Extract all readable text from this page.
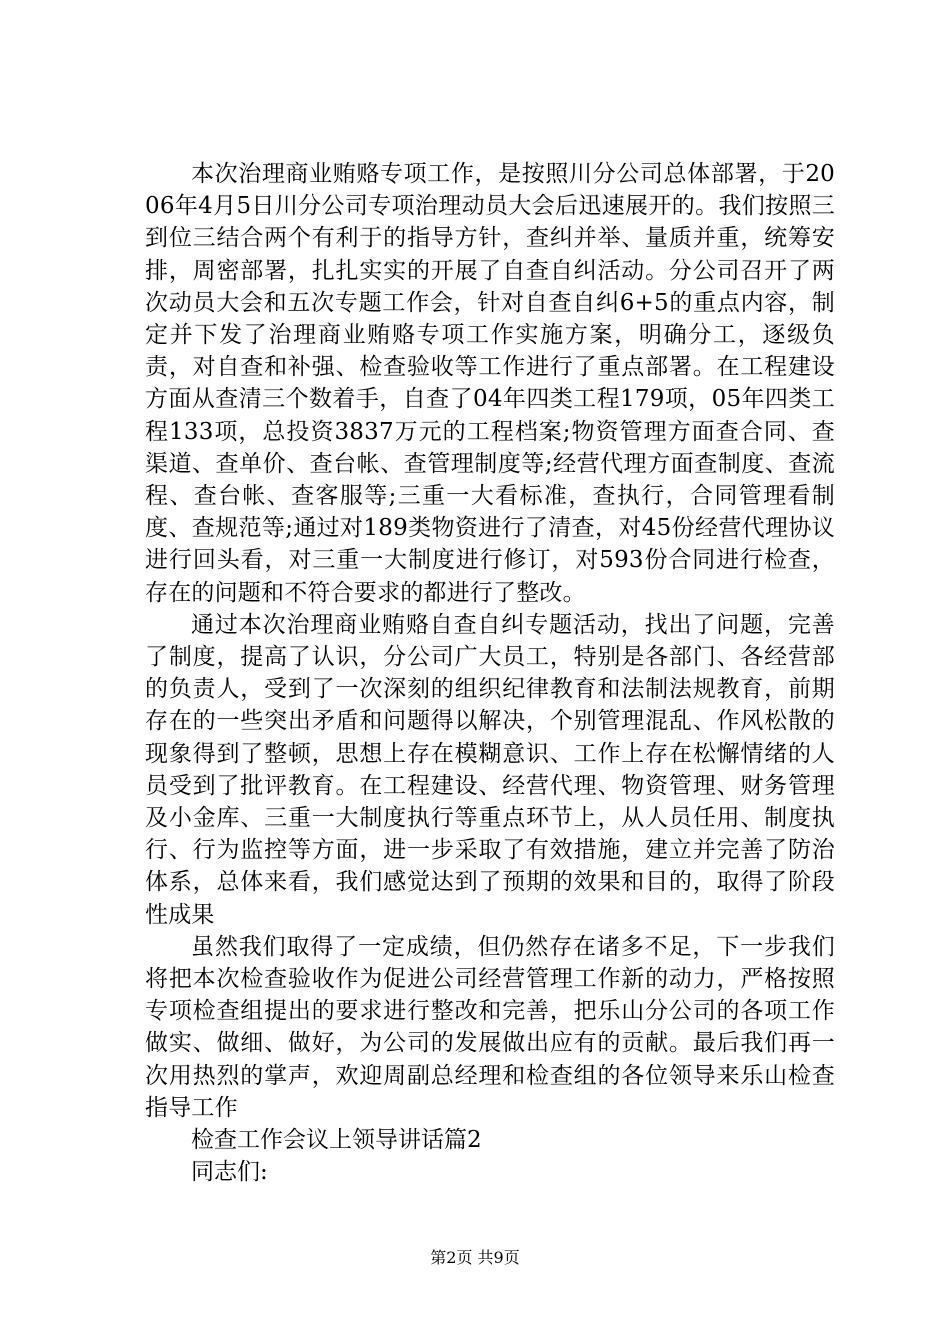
本次治理商业贿赂专项工作，是按照川分公司总体部署，于2006年4月5日川分公司专项治理动员大会后迅速展开的。我们按照三到位三结合两个有利于的指导方针，查纠并举、量质并重，统筹安排，周密部署，扎扎实实的开展了自查自纠活动。分公司召开了两次动员大会和五次专题工作会，针对自查自纠6+5的重点内容，制定并下发了治理商业贿赂专项工作实施方案，明确分工，逐级负责，对自查和补强、检查验收等工作进行了重点部署。在工程建设方面从查清三个数着手，自查了04年四类工程179项，05年四类工程133项，总投资3837万元的工程档案;物资管理方面查合同、查渠道、查单价、查台帐、查管理制度等;经营代理方面查制度、查流程、查台帐、查客服等;三重一大看标准，查执行，合同管理看制度、查规范等;通过对189类物资进行了清查，对45份经营代理协议进行回头看，对三重一大制度进行修订，对593份合同进行检查，存在的问题和不符合要求的都进行了整改。

通过本次治理商业贿赂自查自纠专题活动，找出了问题，完善了制度，提高了认识，分公司广大员工，特别是各部门、各经营部的负责人，受到了一次深刻的组织纪律教育和法制法规教育，前期存在的一些突出矛盾和问题得以解决，个别管理混乱、作风松散的现象得到了整顿，思想上存在模糊意识、工作上存在松懈情绪的人员受到了批评教育。在工程建设、经营代理、物资管理、财务管理及小金库、三重一大制度执行等重点环节上，从人员任用、制度执行、行为监控等方面，进一步采取了有效措施，建立并完善了防治体系，总体来看，我们感觉达到了预期的效果和目的，取得了阶段性成果

虽然我们取得了一定成绩，但仍然存在诸多不足，下一步我们将把本次检查验收作为促进公司经营管理工作新的动力，严格按照专项检查组提出的要求进行整改和完善，把乐山分公司的各项工作做实、做细、做好，为公司的发展做出应有的贡献。最后我们再一次用热烈的掌声，欢迎周副总经理和检查组的各位领导来乐山检查指导工作

检查工作会议上领导讲话篇2

同志们:

第2页 共9页
